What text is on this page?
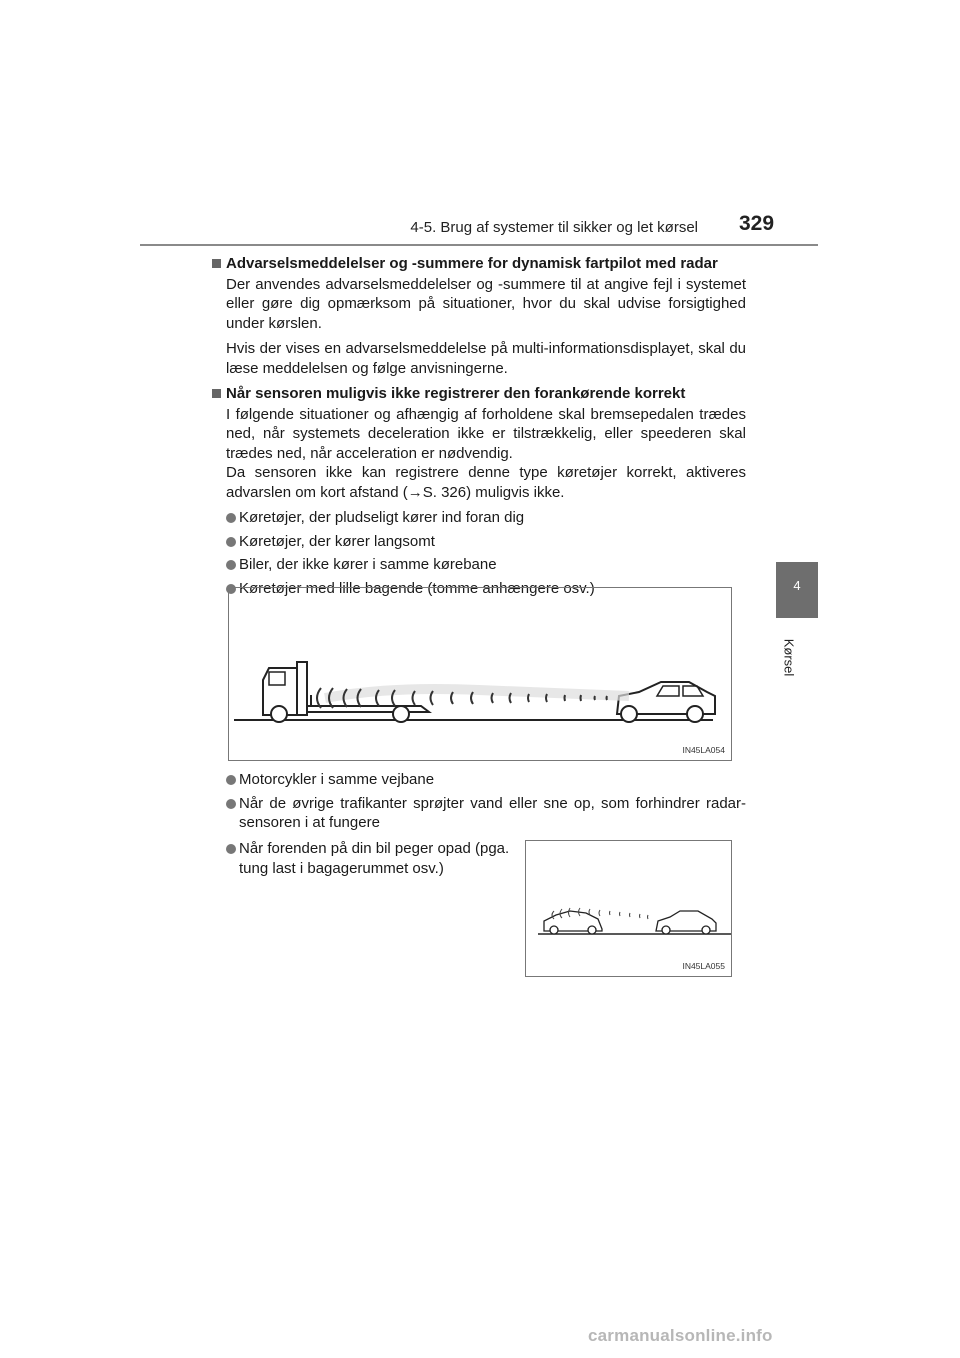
4-5. Brug af systemer til sikker og let kørsel 329
4
Kørsel
Advarselsmeddelelser og -summere for dynamisk fartpilot med radar
Der anvendes advarselsmeddelelser og -summere til at angive fejl i systemet eller gøre dig opmærksom på situationer, hvor du skal udvise forsigtighed under kørslen.
Hvis der vises en advarselsmeddelelse på multi-informationsdisplayet, skal du læse meddelelsen og følge anvisningerne.
Når sensoren muligvis ikke registrerer den forankørende korrekt
I følgende situationer og afhængig af forholdene skal bremsepedalen trædes ned, når systemets deceleration ikke er tilstrækkelig, eller speederen skal trædes ned, når acceleration er nødvendig.
Da sensoren ikke kan registrere denne type køretøjer korrekt, aktiveres advarslen om kort afstand (→S. 326) muligvis ikke.
Køretøjer, der pludseligt kører ind foran dig
Køretøjer, der kører langsomt
Biler, der ikke kører i samme kørebane
Køretøjer med lille bagende (tomme anhængere osv.)
IN45LA054
Motorcykler i samme vejbane
Når de øvrige trafikanter sprøjter vand eller sne op, som forhindrer radar-sensoren i at fungere
Når forenden på din bil peger opad (pga. tung last i bagagerummet osv.)
IN45LA055
carmanualsonline.info
